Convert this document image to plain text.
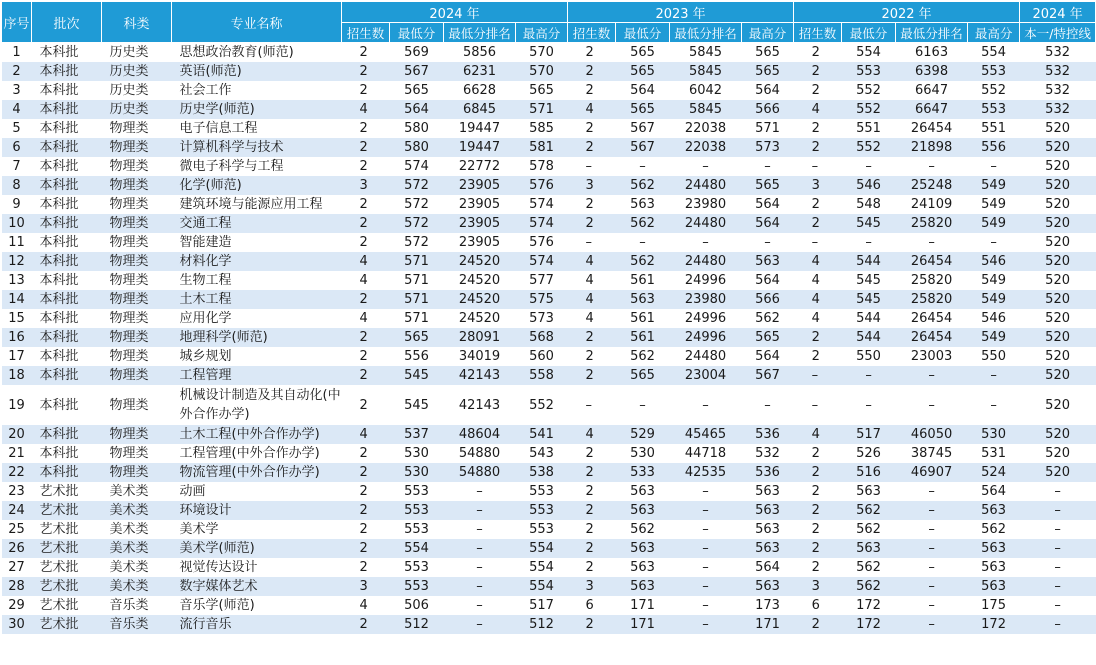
序号	批次	科类	专业名称	2024 年				2023 年				2022 年				2024 年
				招生数	最低分	最低分排名	最高分	招生数	最低分	最低分排名	最高分	招生数	最低分	最低分排名	最高分	本一/特控线
1	本科批	历史类	思想政治教育(师范)	2	569	5856	570	2	565	5845	565	2	554	6163	554	532
2	本科批	历史类	英语(师范)	2	567	6231	570	2	565	5845	565	2	553	6398	553	532
3	本科批	历史类	社会工作	2	565	6628	565	2	564	6042	564	2	552	6647	552	532
4	本科批	历史类	历史学(师范)	4	564	6845	571	4	565	5845	566	4	552	6647	553	532
5	本科批	物理类	电子信息工程	2	580	19447	585	2	567	22038	571	2	551	26454	551	520
6	本科批	物理类	计算机科学与技术	2	580	19447	581	2	567	22038	573	2	552	21898	556	520
7	本科批	物理类	微电子科学与工程	2	574	22772	578	–	–	–	–	–	–	–	–	520
8	本科批	物理类	化学(师范)	3	572	23905	576	3	562	24480	565	3	546	25248	549	520
9	本科批	物理类	建筑环境与能源应用工程	2	572	23905	574	2	563	23980	564	2	548	24109	549	520
10	本科批	物理类	交通工程	2	572	23905	574	2	562	24480	564	2	545	25820	549	520
11	本科批	物理类	智能建造	2	572	23905	576	–	–	–	–	–	–	–	–	520
12	本科批	物理类	材料化学	4	571	24520	574	4	562	24480	563	4	544	26454	546	520
13	本科批	物理类	生物工程	4	571	24520	577	4	561	24996	564	4	545	25820	549	520
14	本科批	物理类	土木工程	2	571	24520	575	4	563	23980	566	4	545	25820	549	520
15	本科批	物理类	应用化学	4	571	24520	573	4	561	24996	562	4	544	26454	546	520
16	本科批	物理类	地理科学(师范)	2	565	28091	568	2	561	24996	565	2	544	26454	549	520
17	本科批	物理类	城乡规划	2	556	34019	560	2	562	24480	564	2	550	23003	550	520
18	本科批	物理类	工程管理	2	545	42143	558	2	565	23004	567	–	–	–	–	520
19	本科批	物理类	机械设计制造及其自动化(中外合作办学)	2	545	42143	552	–	–	–	–	–	–	–	–	520
20	本科批	物理类	土木工程(中外合作办学)	4	537	48604	541	4	529	45465	536	4	517	46050	530	520
21	本科批	物理类	工程管理(中外合作办学)	2	530	54880	543	2	530	44718	532	2	526	38745	531	520
22	本科批	物理类	物流管理(中外合作办学)	2	530	54880	538	2	533	42535	536	2	516	46907	524	520
23	艺术批	美术类	动画	2	553	–	553	2	563	–	563	2	563	–	564	–
24	艺术批	美术类	环境设计	2	553	–	553	2	563	–	563	2	562	–	563	–
25	艺术批	美术类	美术学	2	553	–	553	2	562	–	563	2	562	–	562	–
26	艺术批	美术类	美术学(师范)	2	554	–	554	2	563	–	563	2	563	–	563	–
27	艺术批	美术类	视觉传达设计	2	553	–	554	2	563	–	564	2	562	–	563	–
28	艺术批	美术类	数字媒体艺术	3	553	–	554	3	563	–	563	3	562	–	563	–
29	艺术批	音乐类	音乐学(师范)	4	506	–	517	6	171	–	173	6	172	–	175	–
30	艺术批	音乐类	流行音乐	2	512	–	512	2	171	–	171	2	172	–	172	–
